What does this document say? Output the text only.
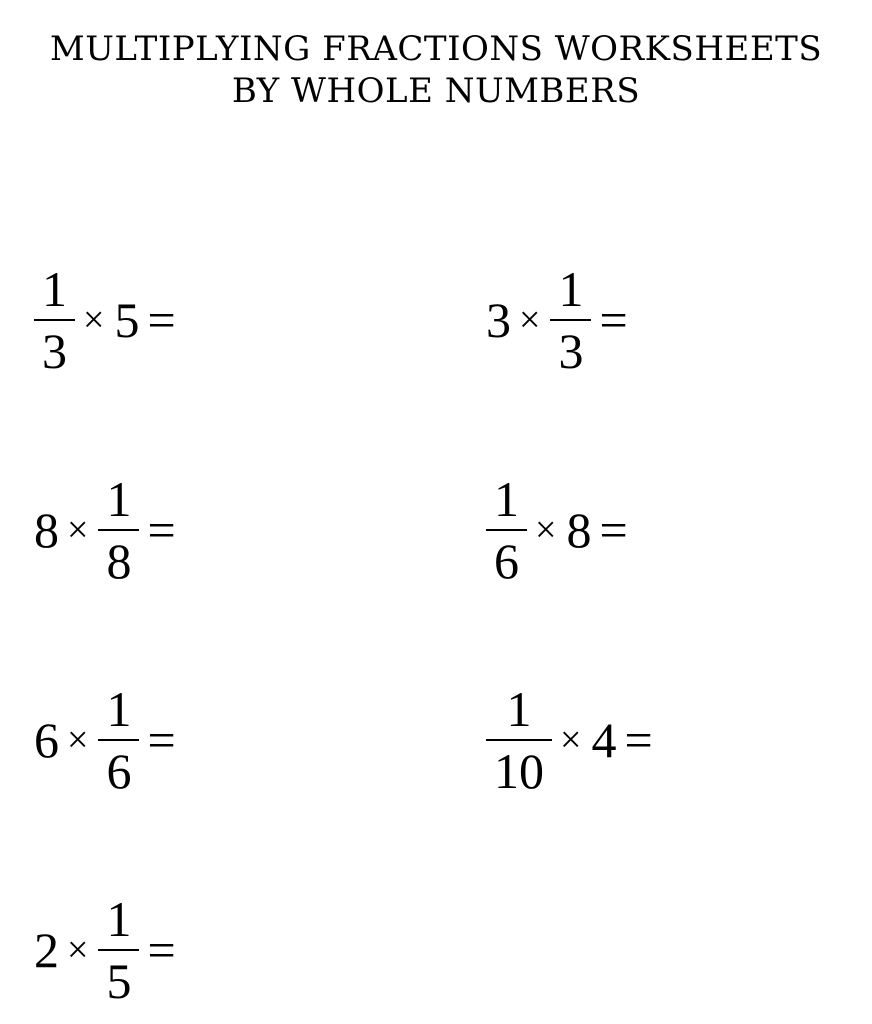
MULTIPLYING FRACTIONS WORKSHEETS
BY WHOLE NUMBERS
$\frac{1}{3} \times 5$ =	$3 \times \frac{1}{3}$ =
$8 \times \frac{1}{8}$ =	$\frac{1}{6} \times 8$ =
$6 \times \frac{1}{6}$ =	$\frac{1}{10} \times 4$ =
$2 \times \frac{1}{5}$ =
